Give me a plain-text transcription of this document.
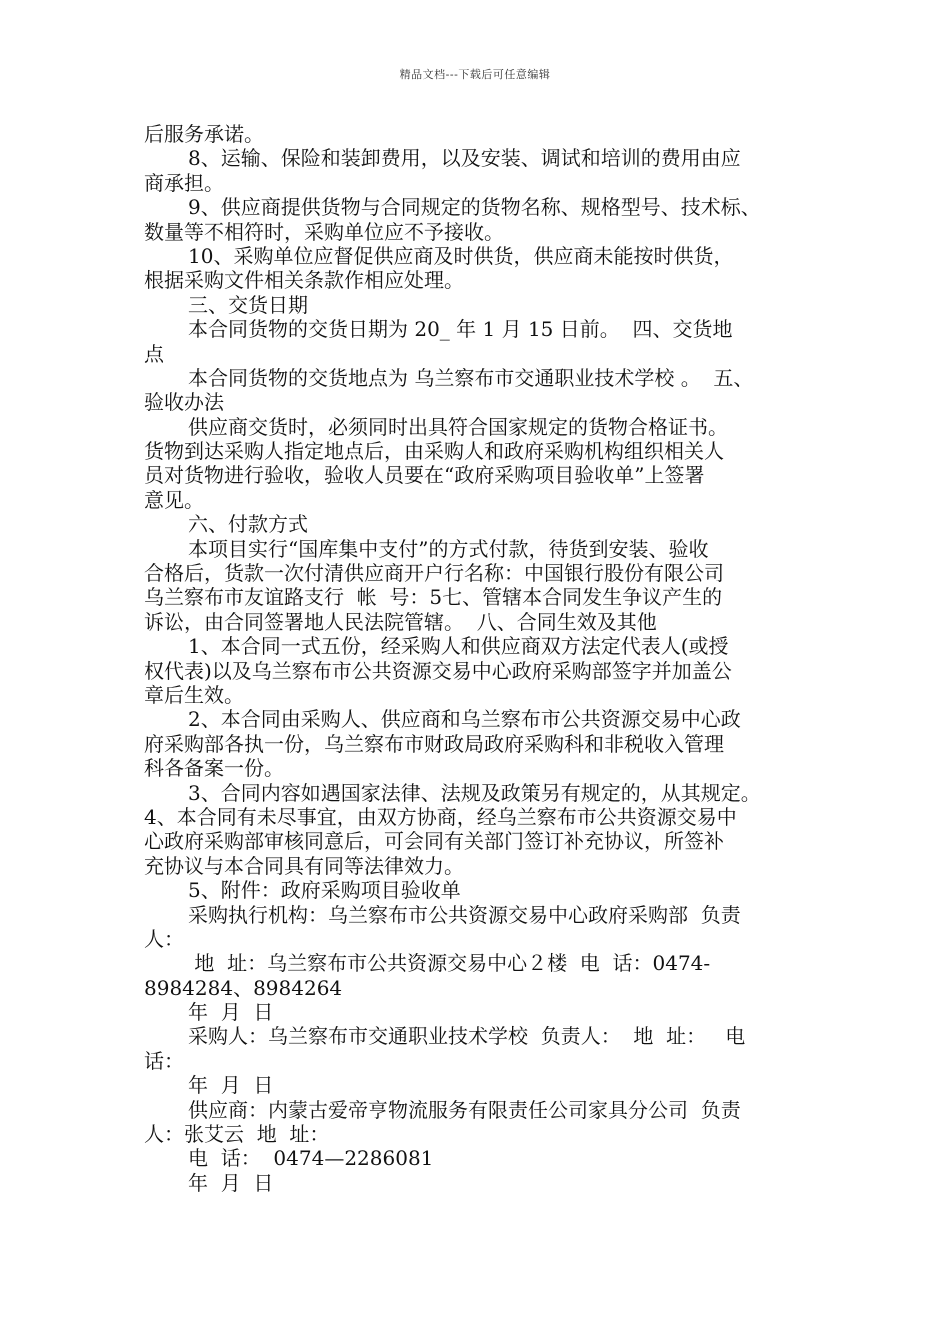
精品文档---下载后可任意编辑
后服务承诺。
8、运输、保险和装卸费用，以及安装、调试和培训的费用由应
商承担。
9、供应商提供货物与合同规定的货物名称、规格型号、技术标、
数量等不相符时，采购单位应不予接收。
10、采购单位应督促供应商及时供货，供应商未能按时供货，
根据采购文件相关条款作相应处理。
三、交货日期
本合同货物的交货日期为 20_ 年 1 月 15 日前。  四、交货地
点
本合同货物的交货地点为 乌兰察布市交通职业技术学校 。  五、
验收办法
供应商交货时，必须同时出具符合国家规定的货物合格证书。
货物到达采购人指定地点后，由采购人和政府采购机构组织相关人
员对货物进行验收，验收人员要在“政府采购项目验收单”上签署
意见。
六、付款方式
本项目实行“国库集中支付”的方式付款，待货到安装、验收
合格后，货款一次付清供应商开户行名称：中国银行股份有限公司
乌兰察布市友谊路支行  帐  号：5七、管辖本合同发生争议产生的
诉讼，由合同签署地人民法院管辖。  八、合同生效及其他
1、本合同一式五份，经采购人和供应商双方法定代表人(或授
权代表)以及乌兰察布市公共资源交易中心政府采购部签字并加盖公
章后生效。
2、本合同由采购人、供应商和乌兰察布市公共资源交易中心政
府采购部各执一份，乌兰察布市财政局政府采购科和非税收入管理
科各备案一份。
3、合同内容如遇国家法律、法规及政策另有规定的，从其规定。
4、本合同有未尽事宜，由双方协商，经乌兰察布市公共资源交易中
心政府采购部审核同意后，可会同有关部门签订补充协议，所签补
充协议与本合同具有同等法律效力。
5、附件：政府采购项目验收单
采购执行机构：乌兰察布市公共资源交易中心政府采购部  负责
人：
地  址：乌兰察布市公共资源交易中心２楼  电  话：0474-
8984284、8984264
年  月  日
采购人：乌兰察布市交通职业技术学校  负责人：  地  址：   电
话：
年  月  日
供应商：内蒙古爱帝亨物流服务有限责任公司家具分公司  负责
人：张艾云  地  址：
电  话：  0474—2286081
年  月  日
